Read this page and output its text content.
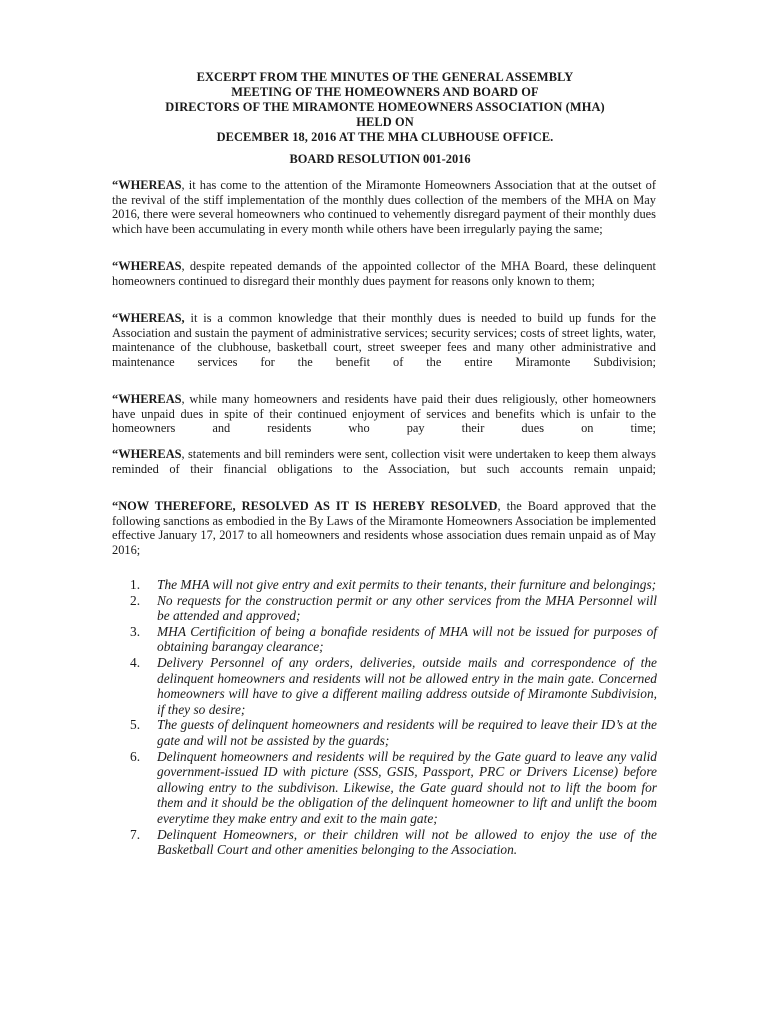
EXCERPT FROM THE MINUTES OF THE GENERAL ASSEMBLY
MEETING OF THE HOMEOWNERS AND BOARD OF
DIRECTORS OF THE MIRAMONTE HOMEOWNERS ASSOCIATION (MHA)
HELD ON
DECEMBER 18, 2016 AT THE MHA CLUBHOUSE OFFICE.
BOARD RESOLUTION 001-2016
“WHEREAS, it has come to the attention of the Miramonte Homeowners Association that at the outset of the revival of the stiff implementation of the monthly dues collection of the members of the MHA on May 2016, there were several homeowners who continued to vehemently disregard payment of their monthly dues which have been accumulating in every month while others have been irregularly paying the same;
“WHEREAS, despite repeated demands of the appointed collector of the MHA Board, these delinquent homeowners continued to disregard their monthly dues payment for reasons only known to them;
“WHEREAS, it is a common knowledge that their monthly dues is needed to build up funds for the Association and sustain the payment of administrative services; security services; costs of street lights, water, maintenance of the clubhouse, basketball court, street sweeper fees and many other administrative and maintenance services for the benefit of the entire Miramonte Subdivision;
“WHEREAS, while many homeowners and residents have paid their dues religiously, other homeowners have unpaid dues in spite of their continued enjoyment of services and benefits which is unfair to the homeowners and residents who pay their dues on time;
“WHEREAS, statements and bill reminders were sent, collection visit were undertaken to keep them always reminded of their financial obligations to the Association, but such accounts remain unpaid;
“NOW THEREFORE, RESOLVED AS IT IS HEREBY RESOLVED, the Board approved that the following sanctions as embodied in the By Laws of the Miramonte Homeowners Association be implemented effective January 17, 2017 to all homeowners and residents whose association dues remain unpaid as of May 2016;
1. The MHA will not give entry and exit permits to their tenants, their furniture and belongings;
2. No requests for the construction permit or any other services from the MHA Personnel will be attended and approved;
3. MHA Certificition of being a bonafide residents of MHA will not be issued for purposes of obtaining barangay clearance;
4. Delivery Personnel of any orders, deliveries, outside mails and correspondence of the delinquent homeowners and residents will not be allowed entry in the main gate. Concerned homeowners will have to give a different mailing address outside of Miramonte Subdivision, if they so desire;
5. The guests of delinquent homeowners and residents will be required to leave their ID’s at the gate and will not be assisted by the guards;
6. Delinquent homeowners and residents will be required by the Gate guard to leave any valid government-issued ID with picture (SSS, GSIS, Passport, PRC or Drivers License) before allowing entry to the subdivison. Likewise, the Gate guard should not to lift the boom for them and it should be the obligation of the delinquent homeowner to lift and unlift the boom everytime they make entry and exit to the main gate;
7. Delinquent Homeowners, or their children will not be allowed to enjoy the use of the Basketball Court and other amenities belonging to the Association.
